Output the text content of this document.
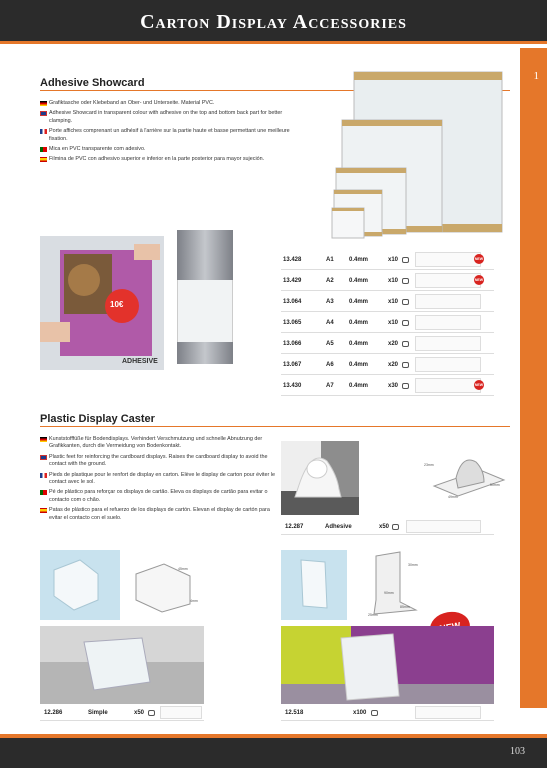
Carton Display Accessories
1
Adhesive Showcard

Grafiktasche oder Klebeband an Ober- und Unterseite. Material PVC.

Adhesive Showcard in transparent colour with adhesive on the top and bottom back part for better clamping.

Porte affiches comprenant un adhésif à l'arrière sur la partie haute et basse permettant une meilleure fixation.

Mica en PVC transparente com adesivo.

Filmina de PVC con adhesivo superior e inferior en la parte posterior para mayor sujeción.

10€
ADHESIVE
13.428	A1	0.4mm	x10	NEW
13.429	A2	0.4mm	x10	NEW
13.064	A3	0.4mm	x10
13.065	A4	0.4mm	x10
13.066	A5	0.4mm	x20
13.067	A6	0.4mm	x20
13.430	A7	0.4mm	x30	NEW
Plastic Display Caster

Kunststofffüße für Bodendisplays. Verhindert Verschmutzung und schnelle Abnutzung der Grafikkanten, durch die Vermeidung von Bodenkontakt.

Plastic feet for reinforcing the cardboard displays. Raises the cardboard display to avoid the contact with the ground.

Pieds de plastique pour le renfort de display en carton. Elève le display de carton pour éviter le contact avec le sol.

Pé de plástico para reforçar os displays de cartão. Eleva os displays de cartão para evitar o contacto com o chão.

Patas de plástico para el refuerzo de los displays de cartón. Elevan el display de cartón para evitar el contacto con el suelo.

23mm
50mm
49mm
12.287	Adhesive	x50
45mm
4mm
12.286	Simple	x50
90mm
30mm
25mm
85mm
12.518	x100
103
